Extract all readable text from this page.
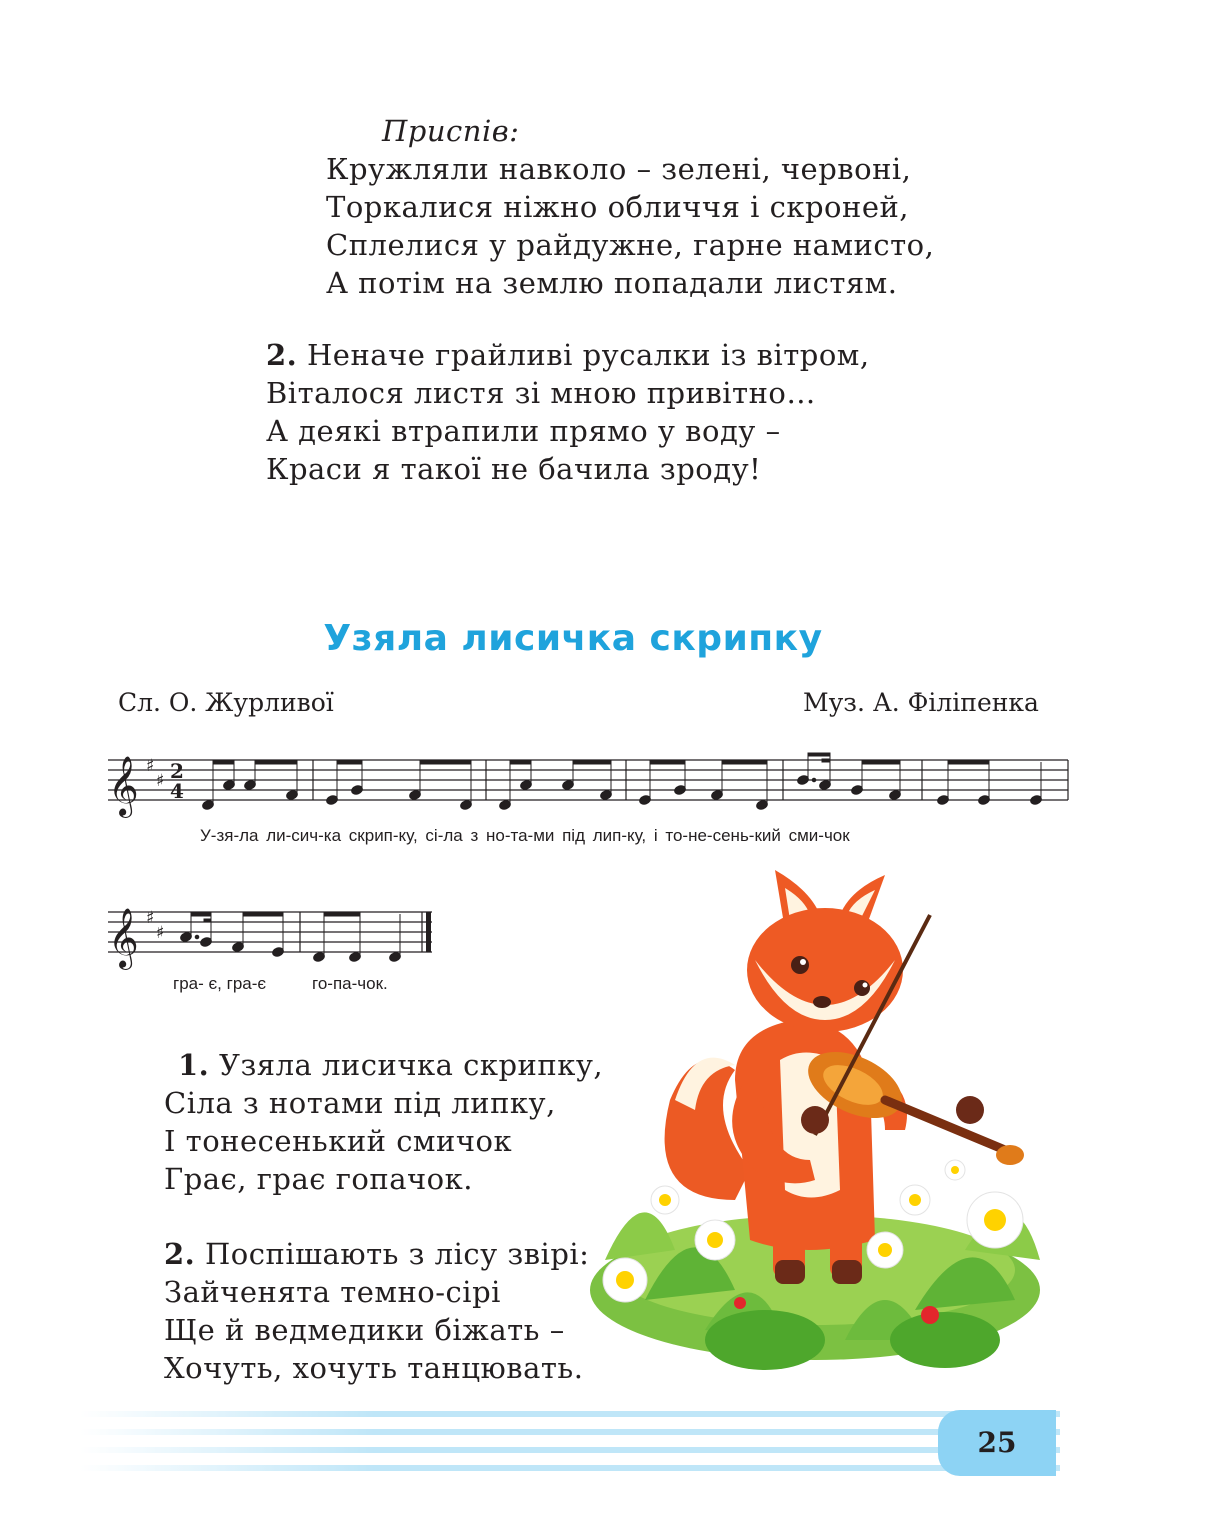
Приспів:
Кружляли навколо – зелені, червоні,
Торкалися ніжно обличчя і скроней,
Сплелися у райдужне, гарне намисто,
А потім на землю попадали листям.
2. Неначе грайливі русалки із вітром,
Віталося листя зі мною привітно…
А деякі втрапили прямо у воду –
Краси я такої не бачила зроду!
Узяла лисичка скрипку
Сл. О. Журливої	Муз. А. Філіпенка
𝄞 ♯
♯ 2
4
У-зя-ла ли-сич-ка скрип-ку, сі-ла з но-та-ми під лип-ку, і то-не-сень-кий сми-чок
𝄞 ♯
♯
гра- є, гра-є	го-па-чок.
1. Узяла лисичка скрипку,
Сіла з нотами під липку,
І тонесенький смичок
Грає, грає гопачок.
2. Поспішають з лісу звірі:
Зайченята темно-сірі
Ще й ведмедики біжать –
Хочуть, хочуть танцювать.
25
